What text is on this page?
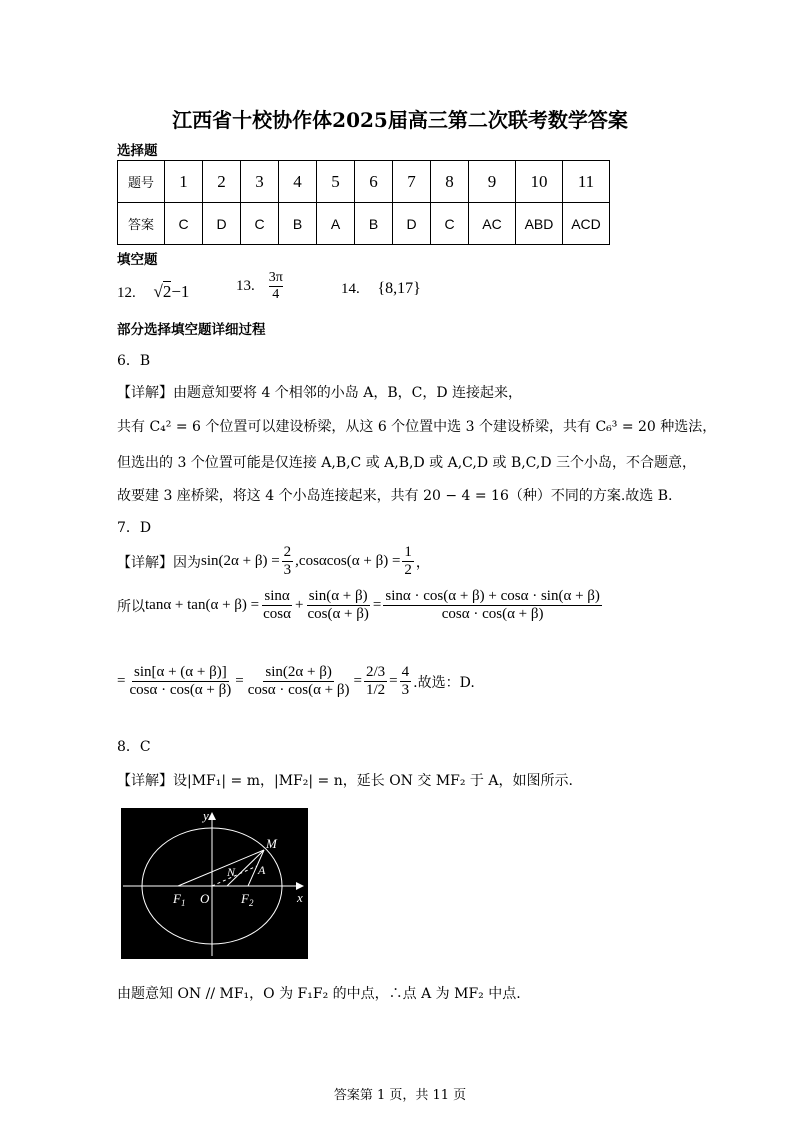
江西省十校协作体2025届高三第二次联考数学答案
选择题
题号	1	2	3	4	5	6	7	8	9	10	11
答案	C	D	C	B	A	B	D	C	AC	ABD	ACD
填空题
12. √2−1	13. $\frac{3\pi}{4}$	14. {8,17}
部分选择填空题详细过程
6．B
【详解】由题意知要将 4 个相邻的小岛 A，B，C，D 连接起来，
共有 C₄² = 6 个位置可以建设桥梁，从这 6 个位置中选 3 个建设桥梁，共有 C₆³ = 20 种选法，
但选出的 3 个位置可能是仅连接 A,B,C 或 A,B,D 或 A,C,D 或 B,C,D 三个小岛，不合题意，
故要建 3 座桥梁，将这 4 个小岛连接起来，共有 20 − 4 = 16（种）不同的方案.故选 B.
7．D
【详解】因为 $\sin(2\alpha + \beta) = \frac{2}{3} ,\cos\alpha\cos(\alpha + \beta) = \frac{1}{2}$ ，
所以 $\tan\alpha + \tan(\alpha + \beta) = \frac{\sin\alpha}{\cos\alpha} + \frac{\sin(\alpha + \beta)}{\cos(\alpha + \beta)} = \frac{\sin\alpha \cdot \cos(\alpha + \beta) + \cos\alpha \cdot \sin(\alpha + \beta)}{\cos\alpha \cdot \cos(\alpha + \beta)}$
= $\frac{\sin[\alpha + (\alpha + \beta)]}{\cos\alpha \cdot \cos(\alpha + \beta)} = \frac{\sin(2\alpha + \beta)}{\cos\alpha \cdot \cos(\alpha + \beta)} = \frac{2/3}{1/2} = \frac{4}{3}$ .故选：D.
8．C
【详解】设|MF₁| = m，|MF₂| = n，延长 ON 交 MF₂ 于 A，如图所示.
y
x
M
N A
$F_1$ O $F_2$
由题意知 ON // MF₁，O 为 F₁F₂ 的中点，∴点 A 为 MF₂ 中点.
答案第 1 页，共 11 页
